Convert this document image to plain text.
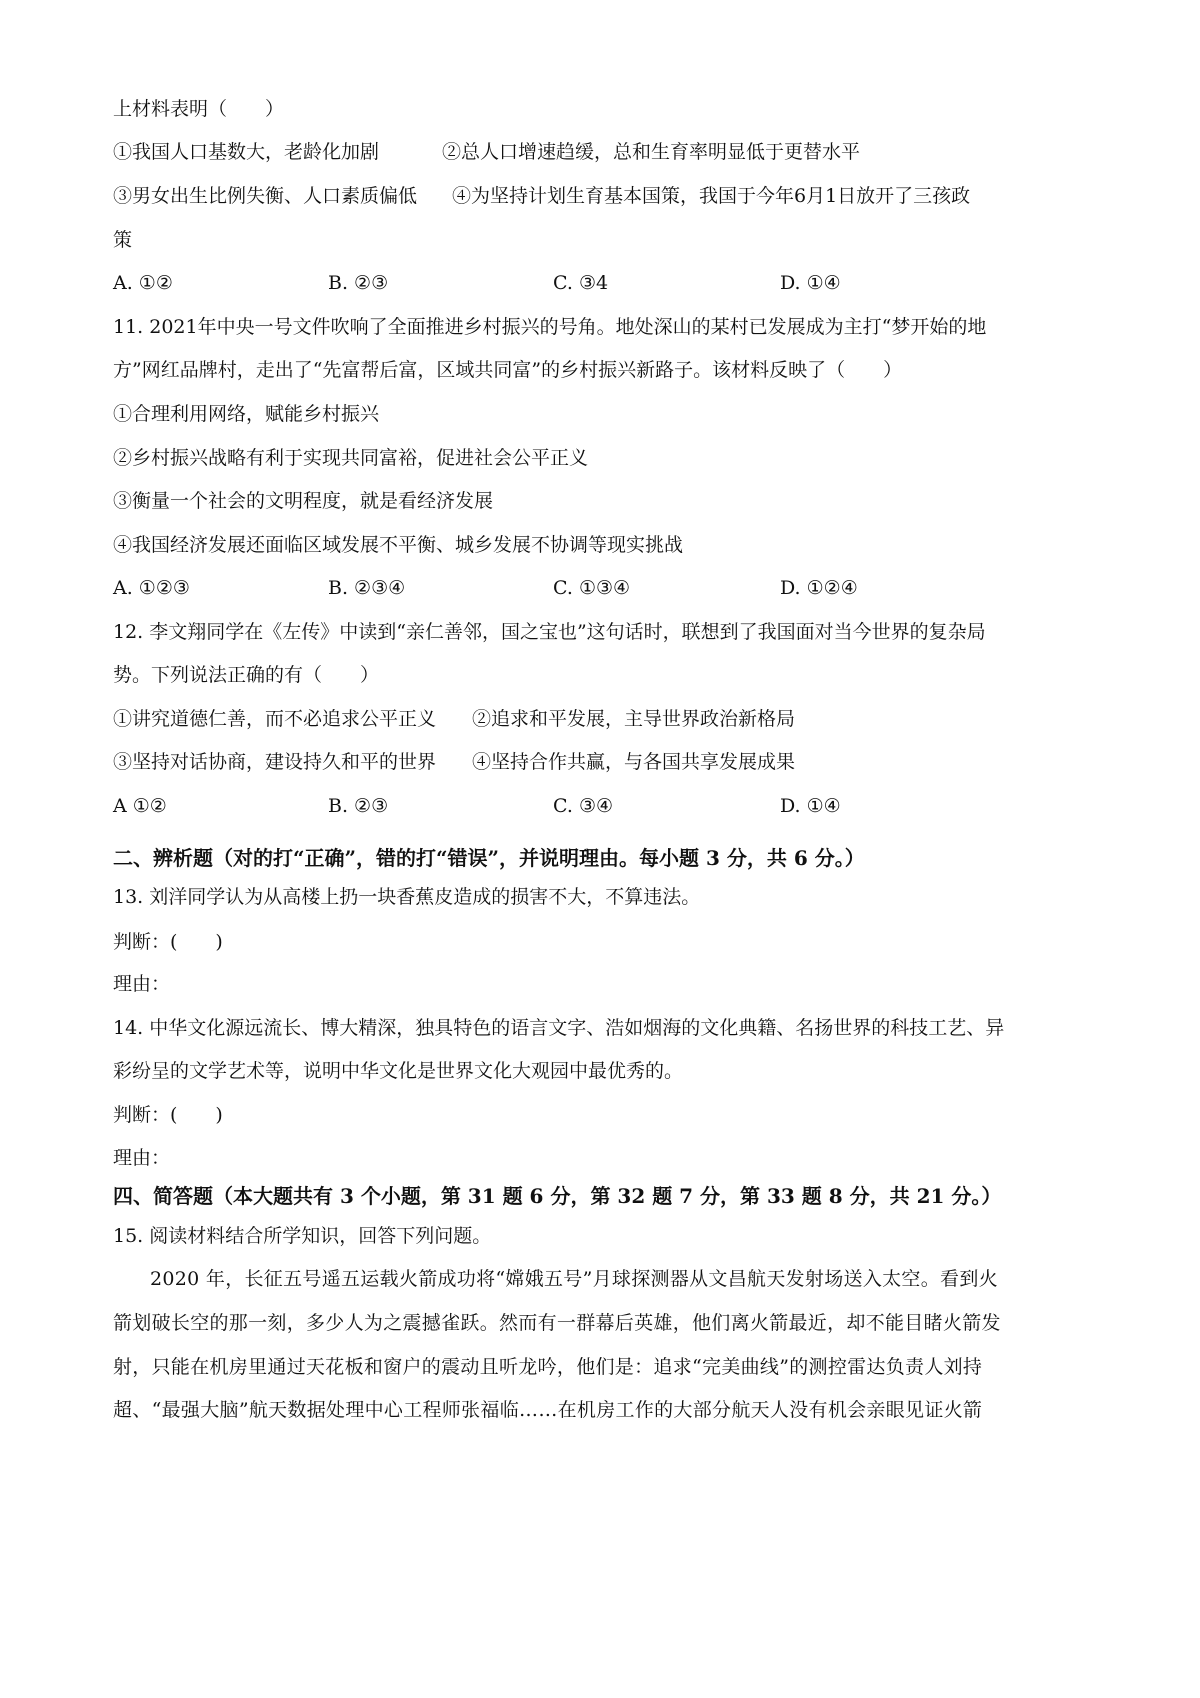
上材料表明（　　）
①我国人口基数大，老龄化加剧	②总人口增速趋缓，总和生育率明显低于更替水平
③男女出生比例失衡、人口素质偏低 ④为坚持计划生育基本国策，我国于今年6月1日放开了三孩政
策
A. ①②	B. ②③	C. ③4	D. ①④
11. 2021年中央一号文件吹响了全面推进乡村振兴的号角。地处深山的某村已发展成为主打“梦开始的地
方”网红品牌村，走出了“先富帮后富，区域共同富”的乡村振兴新路子。该材料反映了（　　）
①合理利用网络，赋能乡村振兴
②乡村振兴战略有利于实现共同富裕，促进社会公平正义
③衡量一个社会的文明程度，就是看经济发展
④我国经济发展还面临区域发展不平衡、城乡发展不协调等现实挑战
A. ①②③	B. ②③④	C. ①③④	D. ①②④
12. 李文翔同学在《左传》中读到“亲仁善邻，国之宝也”这句话时，联想到了我国面对当今世界的复杂局
势。下列说法正确的有（　　）
①讲究道德仁善，而不必追求公平正义 ②追求和平发展，主导世界政治新格局
③坚持对话协商，建设持久和平的世界 ④坚持合作共赢，与各国共享发展成果
A ①②	B. ②③	C. ③④	D. ①④
二、辨析题（对的打“正确”，错的打“错误”，并说明理由。每小题 3 分，共 6 分。）
13. 刘洋同学认为从高楼上扔一块香蕉皮造成的损害不大，不算违法。
判断：(　　)
理由：
14. 中华文化源远流长、博大精深，独具特色的语言文字、浩如烟海的文化典籍、名扬世界的科技工艺、异
彩纷呈的文学艺术等，说明中华文化是世界文化大观园中最优秀的。
判断：(　　)
理由：
四、简答题（本大题共有 3 个小题，第 31 题 6 分，第 32 题 7 分，第 33 题 8 分，共 21 分。）
15. 阅读材料结合所学知识，回答下列问题。
2020 年，长征五号遥五运载火箭成功将“嫦娥五号”月球探测器从文昌航天发射场送入太空。看到火
箭划破长空的那一刻，多少人为之震撼雀跃。然而有一群幕后英雄，他们离火箭最近，却不能目睹火箭发
射，只能在机房里通过天花板和窗户的震动且听龙吟，他们是：追求“完美曲线”的测控雷达负责人刘持
超、“最强大脑”航天数据处理中心工程师张福临……在机房工作的大部分航天人没有机会亲眼见证火箭
